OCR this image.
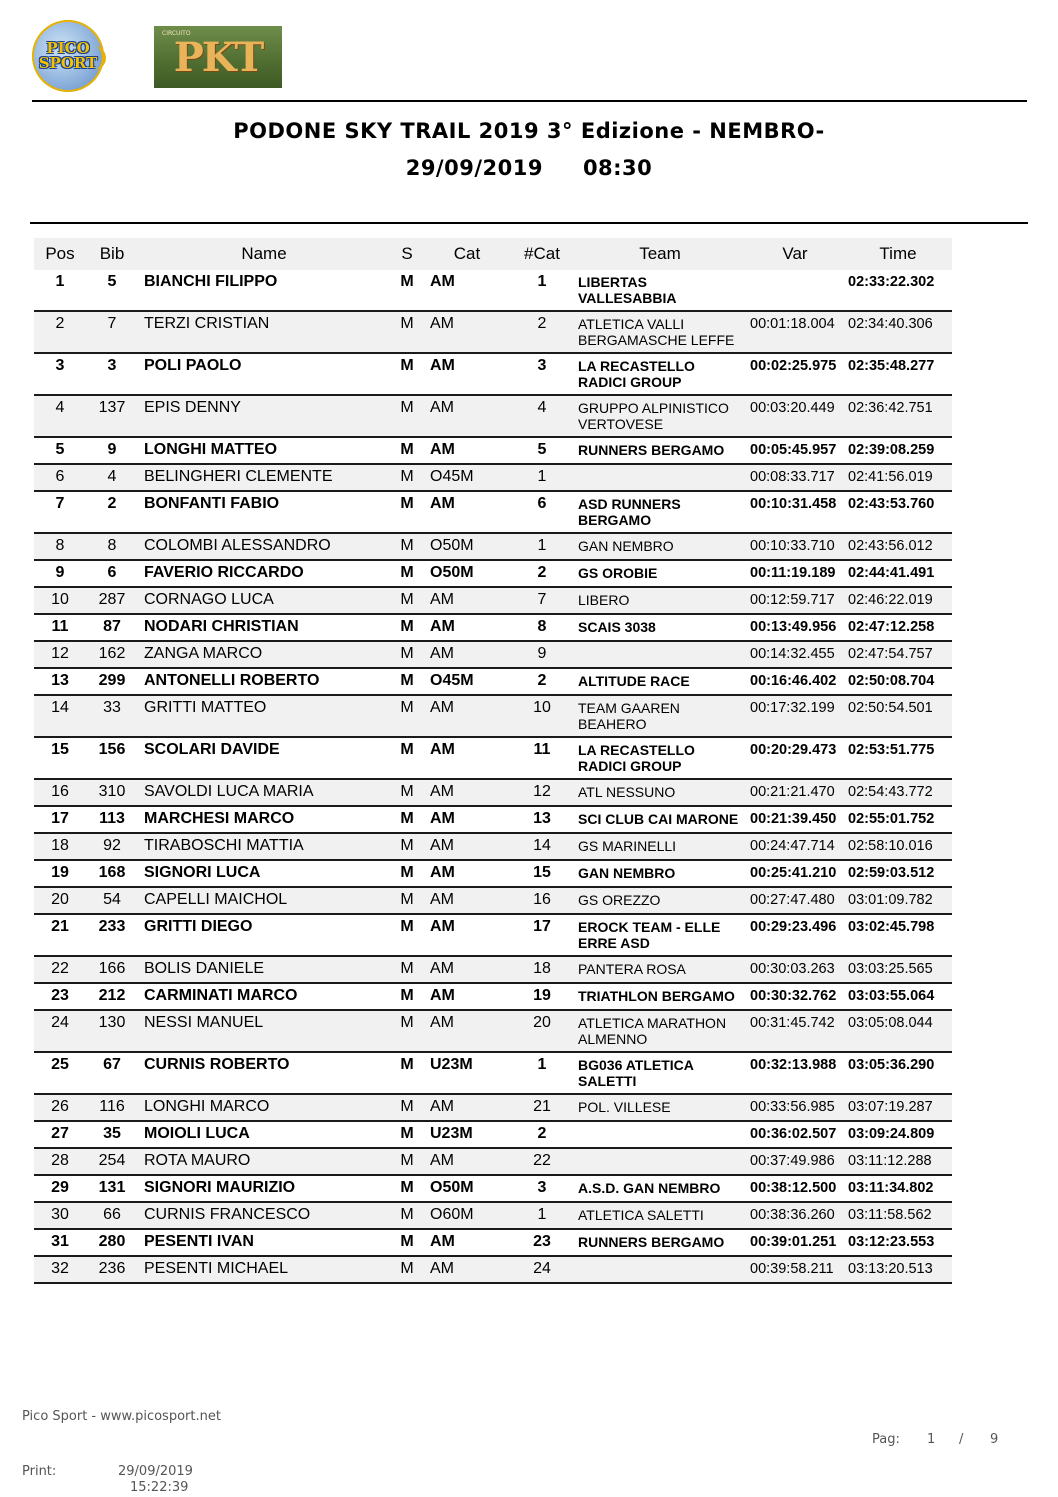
PICO
SPORT
CIRCUITO
PKT
PODONE SKY TRAIL 2019 3° Edizione - NEMBRO-
29/09/2019 08:30
Pos	Bib	Name	S	Cat	#Cat	Team	Var	Time
1	5	BIANCHI FILIPPO	M	AM	1	LIBERTAS VALLESABBIA		02:33:22.302
2	7	TERZI CRISTIAN	M	AM	2	ATLETICA VALLI BERGAMASCHE LEFFE	00:01:18.004	02:34:40.306
3	3	POLI PAOLO	M	AM	3	LA RECASTELLO RADICI GROUP	00:02:25.975	02:35:48.277
4	137	EPIS DENNY	M	AM	4	GRUPPO ALPINISTICO VERTOVESE	00:03:20.449	02:36:42.751
5	9	LONGHI MATTEO	M	AM	5	RUNNERS BERGAMO	00:05:45.957	02:39:08.259
6	4	BELINGHERI CLEMENTE	M	O45M	1		00:08:33.717	02:41:56.019
7	2	BONFANTI FABIO	M	AM	6	ASD RUNNERS BERGAMO	00:10:31.458	02:43:53.760
8	8	COLOMBI ALESSANDRO	M	O50M	1	GAN NEMBRO	00:10:33.710	02:43:56.012
9	6	FAVERIO RICCARDO	M	O50M	2	GS OROBIE	00:11:19.189	02:44:41.491
10	287	CORNAGO LUCA	M	AM	7	LIBERO	00:12:59.717	02:46:22.019
11	87	NODARI CHRISTIAN	M	AM	8	SCAIS 3038	00:13:49.956	02:47:12.258
12	162	ZANGA MARCO	M	AM	9		00:14:32.455	02:47:54.757
13	299	ANTONELLI ROBERTO	M	O45M	2	ALTITUDE RACE	00:16:46.402	02:50:08.704
14	33	GRITTI MATTEO	M	AM	10	TEAM GAAREN BEAHERO	00:17:32.199	02:50:54.501
15	156	SCOLARI DAVIDE	M	AM	11	LA RECASTELLO RADICI GROUP	00:20:29.473	02:53:51.775
16	310	SAVOLDI LUCA MARIA	M	AM	12	ATL NESSUNO	00:21:21.470	02:54:43.772
17	113	MARCHESI MARCO	M	AM	13	SCI CLUB CAI MARONE	00:21:39.450	02:55:01.752
18	92	TIRABOSCHI MATTIA	M	AM	14	GS MARINELLI	00:24:47.714	02:58:10.016
19	168	SIGNORI LUCA	M	AM	15	GAN NEMBRO	00:25:41.210	02:59:03.512
20	54	CAPELLI MAICHOL	M	AM	16	GS OREZZO	00:27:47.480	03:01:09.782
21	233	GRITTI DIEGO	M	AM	17	EROCK TEAM - ELLE ERRE ASD	00:29:23.496	03:02:45.798
22	166	BOLIS DANIELE	M	AM	18	PANTERA ROSA	00:30:03.263	03:03:25.565
23	212	CARMINATI MARCO	M	AM	19	TRIATHLON BERGAMO	00:30:32.762	03:03:55.064
24	130	NESSI MANUEL	M	AM	20	ATLETICA MARATHON ALMENNO	00:31:45.742	03:05:08.044
25	67	CURNIS ROBERTO	M	U23M	1	BG036 ATLETICA SALETTI	00:32:13.988	03:05:36.290
26	116	LONGHI MARCO	M	AM	21	POL. VILLESE	00:33:56.985	03:07:19.287
27	35	MOIOLI LUCA	M	U23M	2		00:36:02.507	03:09:24.809
28	254	ROTA MAURO	M	AM	22		00:37:49.986	03:11:12.288
29	131	SIGNORI MAURIZIO	M	O50M	3	A.S.D. GAN NEMBRO	00:38:12.500	03:11:34.802
30	66	CURNIS FRANCESCO	M	O60M	1	ATLETICA SALETTI	00:38:36.260	03:11:58.562
31	280	PESENTI IVAN	M	AM	23	RUNNERS BERGAMO	00:39:01.251	03:12:23.553
32	236	PESENTI MICHAEL	M	AM	24		00:39:58.211	03:13:20.513
Pico Sport - www.picosport.net
Pag: 1 / 9
Print:	29/09/2019
15:22:39
